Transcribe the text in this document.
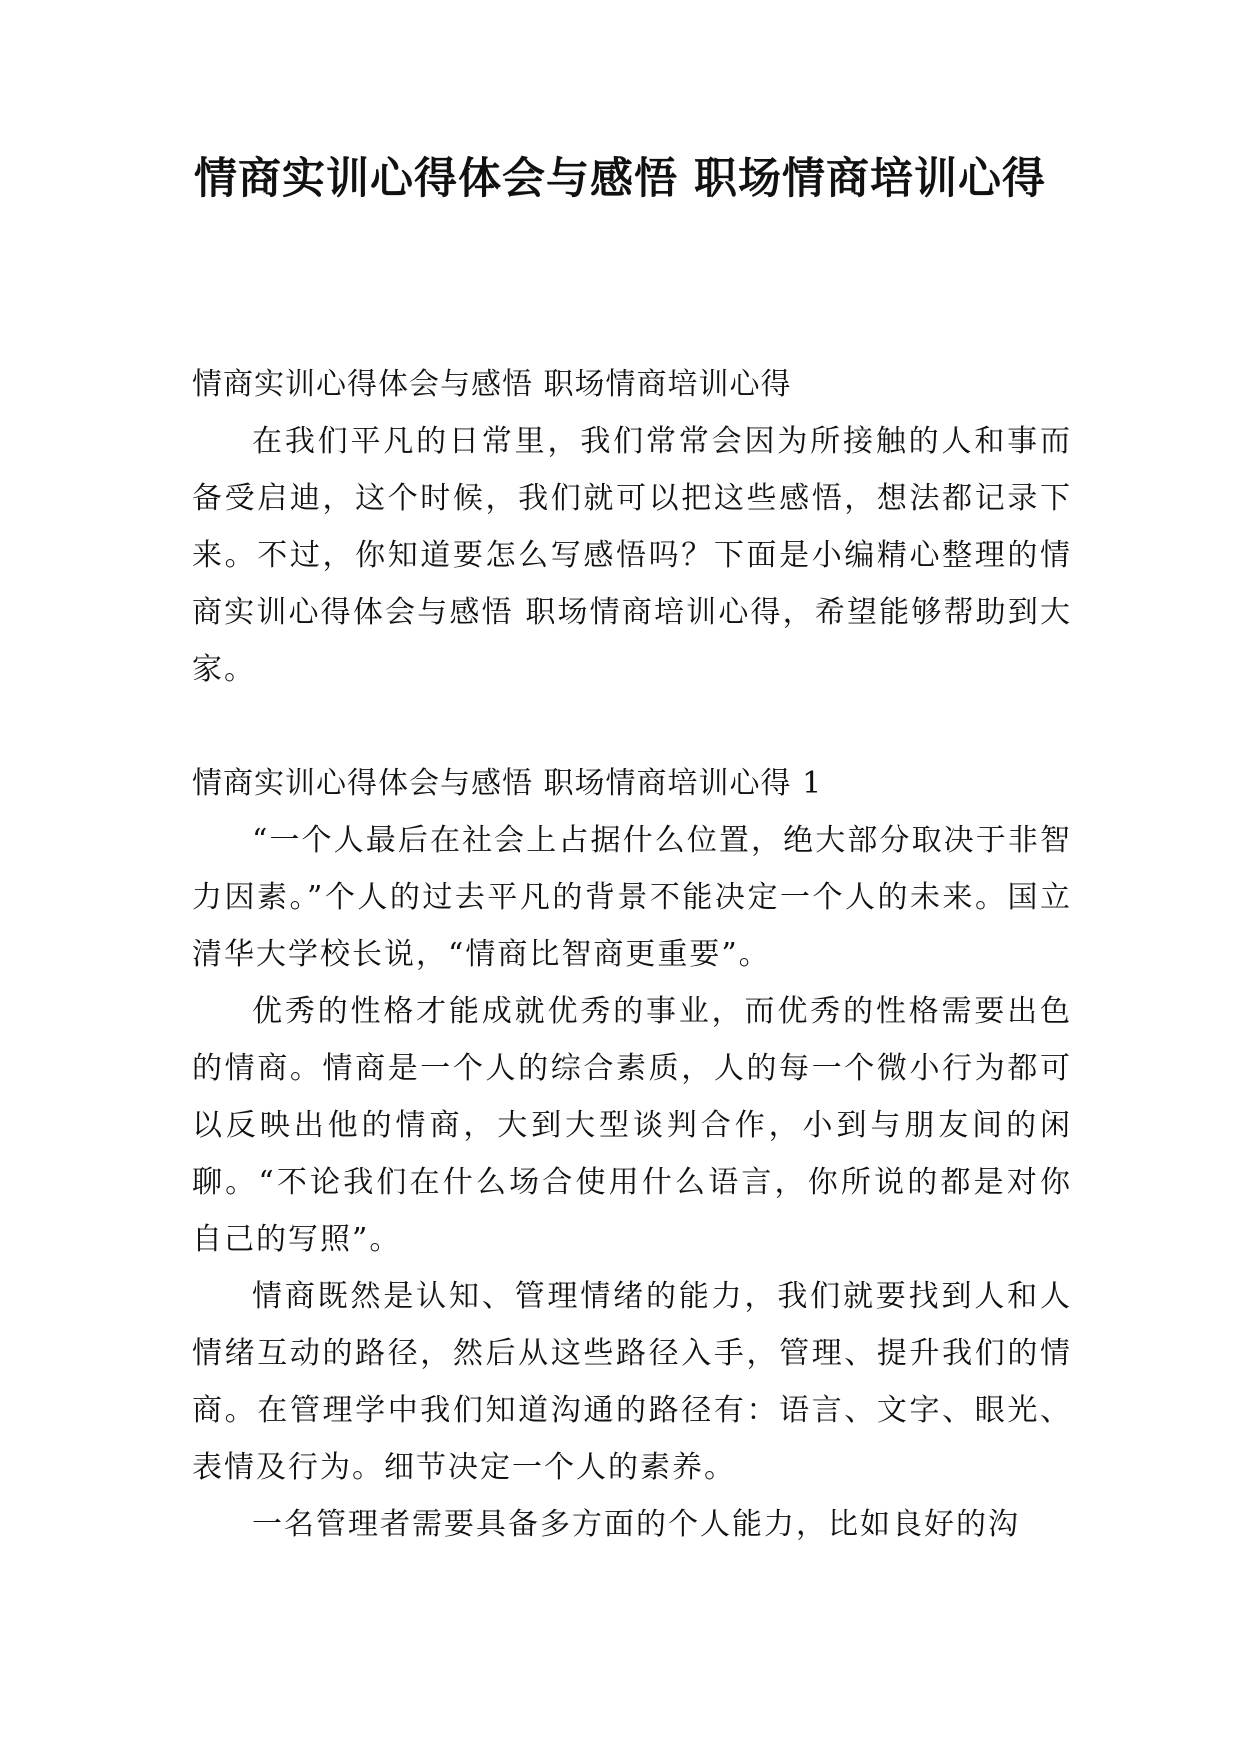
情商实训心得体会与感悟 职场情商培训心得

情商实训心得体会与感悟 职场情商培训心得

在我们平凡的日常里，我们常常会因为所接触的人和事而备受启迪，这个时候，我们就可以把这些感悟，想法都记录下来。不过，你知道要怎么写感悟吗？下面是小编精心整理的情商实训心得体会与感悟 职场情商培训心得，希望能够帮助到大家。

情商实训心得体会与感悟 职场情商培训心得 1

“一个人最后在社会上占据什么位置，绝大部分取决于非智力因素。”个人的过去平凡的背景不能决定一个人的未来。国立清华大学校长说，“情商比智商更重要”。

优秀的性格才能成就优秀的事业，而优秀的性格需要出色的情商。情商是一个人的综合素质，人的每一个微小行为都可以反映出他的情商，大到大型谈判合作，小到与朋友间的闲聊。“不论我们在什么场合使用什么语言，你所说的都是对你自己的写照”。

情商既然是认知、管理情绪的能力，我们就要找到人和人情绪互动的路径，然后从这些路径入手，管理、提升我们的情商。在管理学中我们知道沟通的路径有：语言、文字、眼光、表情及行为。细节决定一个人的素养。

一名管理者需要具备多方面的个人能力，比如良好的沟
